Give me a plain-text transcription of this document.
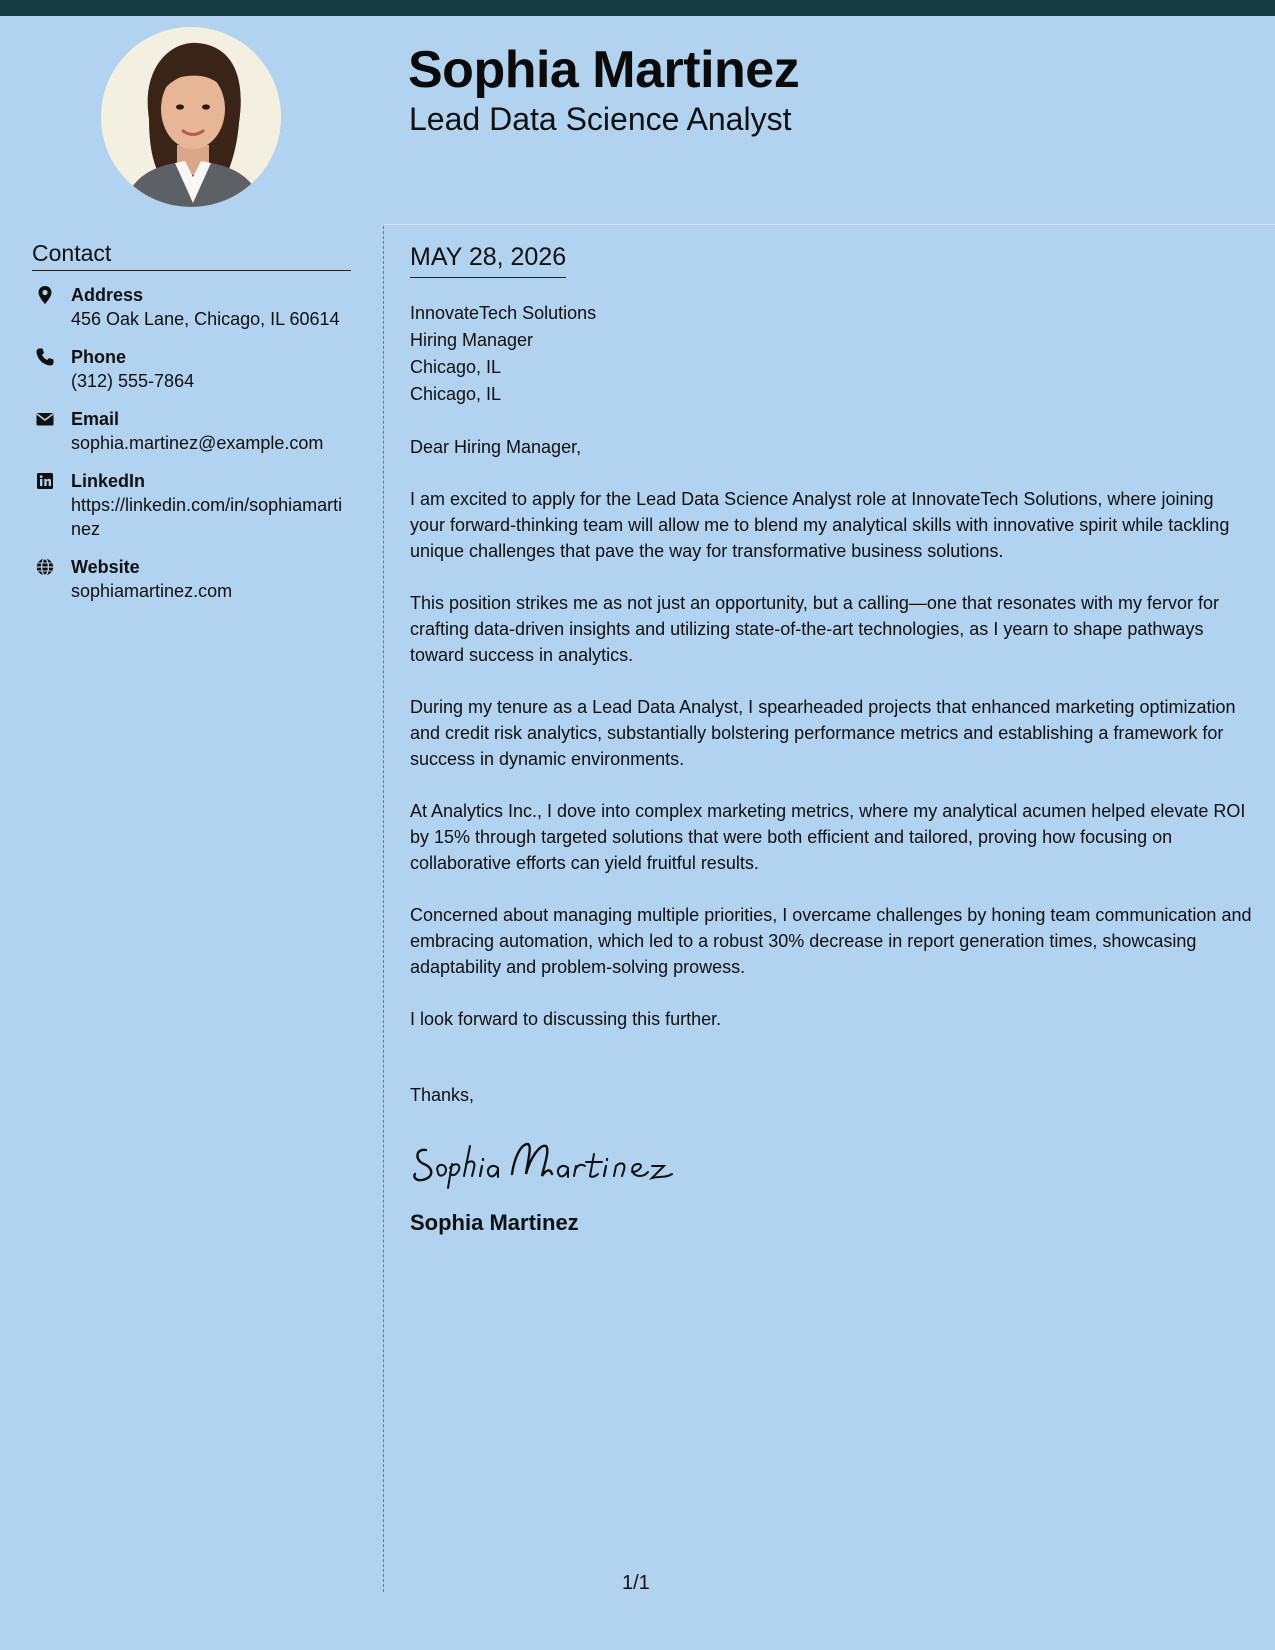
Sophia Martinez
Lead Data Science Analyst
Contact
Address
456 Oak Lane, Chicago, IL 60614
Phone
(312) 555-7864
Email
sophia.martinez@example.com
LinkedIn
https://linkedin.com/in/sophiamartinez
Website
sophiamartinez.com
MAY 28, 2026
InnovateTech Solutions
Hiring Manager
Chicago, IL
Chicago, IL
Dear Hiring Manager,

I am excited to apply for the Lead Data Science Analyst role at InnovateTech Solutions, where joining your forward-thinking team will allow me to blend my analytical skills with innovative spirit while tackling unique challenges that pave the way for transformative business solutions.

This position strikes me as not just an opportunity, but a calling—one that resonates with my fervor for crafting data-driven insights and utilizing state-of-the-art technologies, as I yearn to shape pathways toward success in analytics.

During my tenure as a Lead Data Analyst, I spearheaded projects that enhanced marketing optimization and credit risk analytics, substantially bolstering performance metrics and establishing a framework for success in dynamic environments.

At Analytics Inc., I dove into complex marketing metrics, where my analytical acumen helped elevate ROI by 15% through targeted solutions that were both efficient and tailored, proving how focusing on collaborative efforts can yield fruitful results.

Concerned about managing multiple priorities, I overcame challenges by honing team communication and embracing automation, which led to a robust 30% decrease in report generation times, showcasing adaptability and problem-solving prowess.

I look forward to discussing this further.

Thanks,
Sophia Martinez
1/1
